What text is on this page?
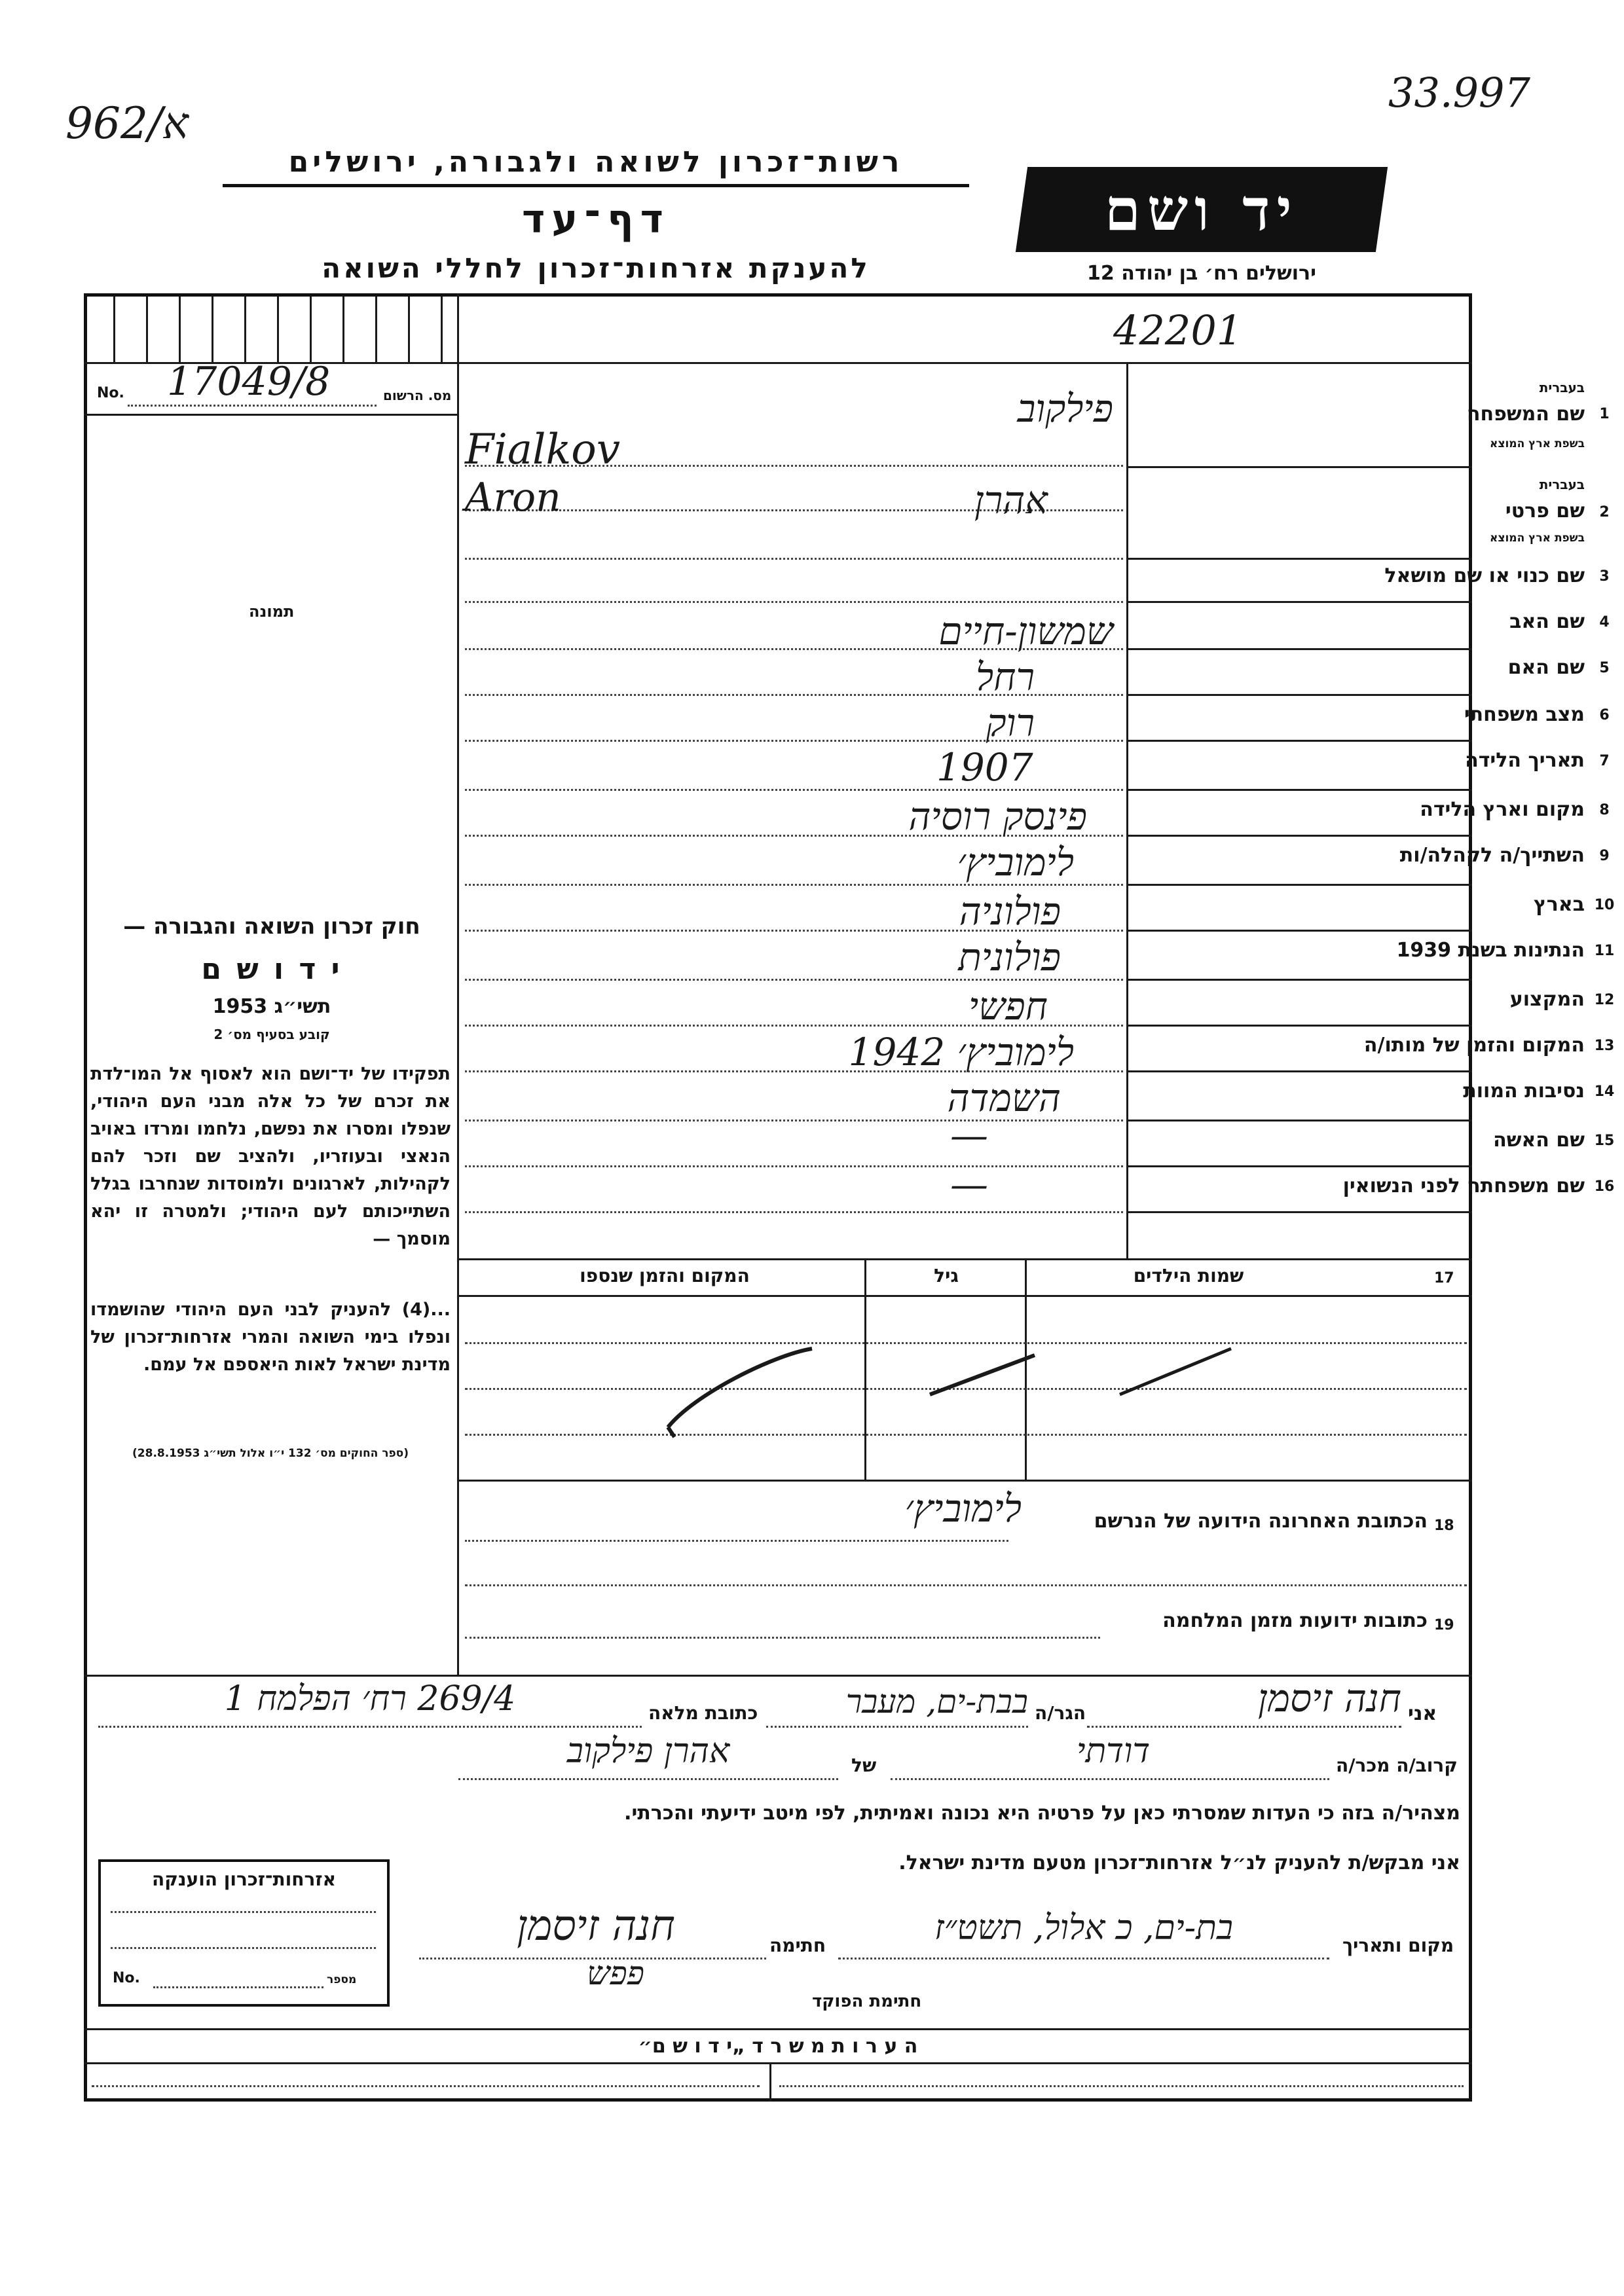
962/א
33.997
רשות־זכרון לשואה ולגבורה, ירושלים
דף־עד
להענקת אזרחות־זכרון לחללי השואה
יד ושם
ירושלים רח׳ בן יהודה 12
42201
No. 17049/8	מס. הרשום
תמונה
חוק זכרון השואה והגבורה —
י ד ו ש ם
תשי״ג 1953
קובע בסעיף מס׳ 2
תפקידו של יד־ושם הוא לאסוף אל המו־לדת את זכרם של כל אלה מבני העם היהודי, שנפלו ומסרו את נפשם, נלחמו ומרדו באויב הנאצי ובעוזריו, ולהציב שם וזכר להם לקהילות, לארגונים ולמוסדות שנחרבו בגלל השתייכותם לעם היהודי; ולמטרה זו יהא מוסמך —
...(4) להעניק לבני העם היהודי שהושמדו ונפלו בימי השואה והמרי אזרחות־זכרון של מדינת ישראל לאות היאספם אל עמם.
(ספר החוקים מס׳ 132 י״ו אלול תשי״ג 28.8.1953)
1
בעברית
שם המשפחה
בשפת ארץ המוצא
פילקוב
Fialkov
2
בעברית
שם פרטי
בשפת ארץ המוצא
אהרן
Aron
3
שם כנוי או שם מושאל
4
שם האב
שמשון-חיים
5
שם האם
רחל
6
מצב משפחתי
רוק
7
תאריך הלידה
1907
8
מקום וארץ הלידה
פינסק רוסיה
9
השתייך/ה לקהלה/ות
לימוביץ׳
10
בארץ
פולוניה
11
הנתינות בשנת 1939
פולונית
12
המקצוע
חפשי
13
המקום והזמן של מותו/ה
לימוביץ׳ 1942
14
נסיבות המוות
השמדה
15
שם האשה
—
16
שם משפחתה לפני הנשואין
—
17
שמות הילדים
גיל
המקום והזמן שנספו
18
הכתובת האחרונה הידועה של הנרשם
לימוביץ׳
19
כתובות ידועות מזמן המלחמה
אני
חנה זיסמן
הגר/ה
בבת-ים, מעבר
כתובת מלאה
269/4 רח׳ הפלמח 1
קרוב/ה מכר/ה
דודתי
של
אהרן פילקוב
מצהיר/ה בזה כי העדות שמסרתי כאן על פרטיה היא נכונה ואמיתית, לפי מיטב ידיעתי והכרתי.
אני מבקש/ת להעניק לנ״ל אזרחות־זכרון מטעם מדינת ישראל.
מקום ותאריך
בת-ים, כ אלול, תשט״ז
חתימה
חנה זיסמן
פפש
חתימת הפוקד
אזרחות־זכרון הוענקה
No.	מספר
ה ע ר ו ת מ ש ר ד „י ד ו ש ם״
